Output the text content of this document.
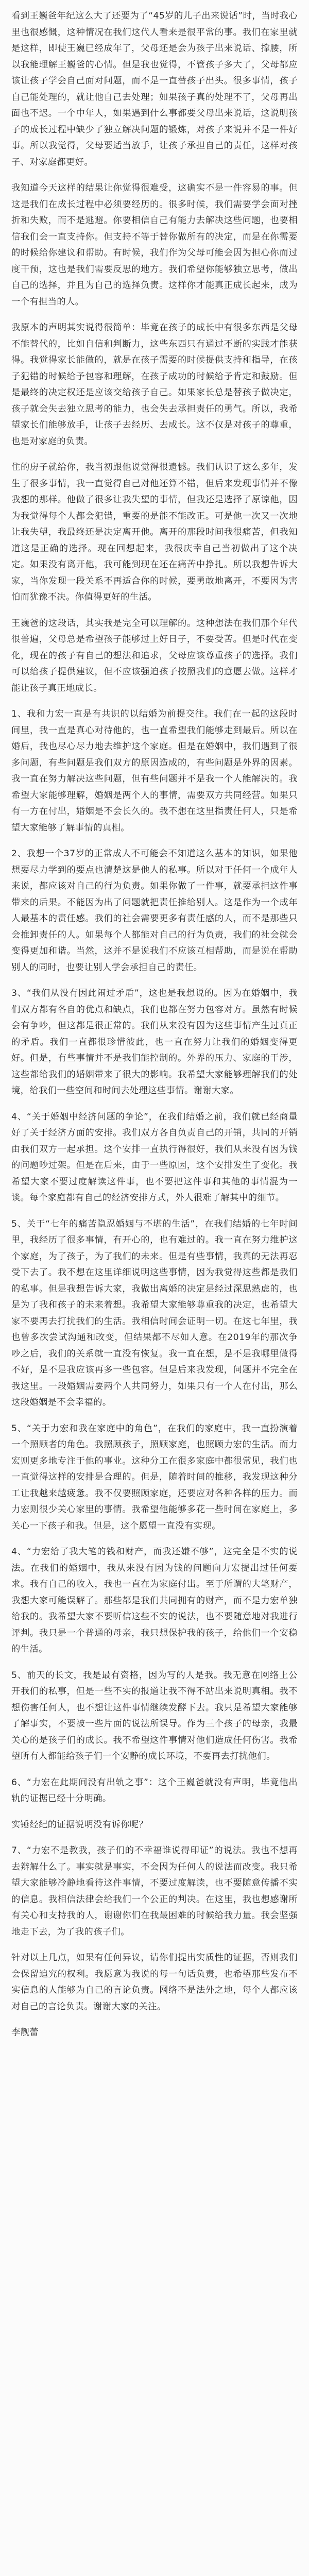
看到王巍爸年纪这么大了还要为了“45岁的儿子出来说话”时，当时我心里也很感慨，这种情况在我们这代人看来是很平常的事。我们在家里就是这样，即使王巍已经成年了，父母还是会为孩子出来说话、撑腰，所以我能理解王巍爸的心情。但是我也觉得，不管孩子多大了，父母都应该让孩子学会自己面对问题，而不是一直替孩子出头。很多事情，孩子自己能处理的，就让他自己去处理；如果孩子真的处理不了，父母再出面也不迟。一个中年人，如果遇到什么事都要父母出来说话，这说明孩子的成长过程中缺少了独立解决问题的锻炼，对孩子来说并不是一件好事。所以我觉得，父母要适当放手，让孩子承担自己的责任，这样对孩子、对家庭都更好。

我知道今天这样的结果让你觉得很难受，这确实不是一件容易的事。但这是我们在成长过程中必须要经历的。很多时候，我们需要学会面对挫折和失败，而不是逃避。你要相信自己有能力去解决这些问题，也要相信我们会一直支持你。但支持不等于替你做所有的决定，而是在你需要的时候给你建议和帮助。有时候，我们作为父母可能会因为担心你而过度干预，这也是我们需要反思的地方。我们希望你能够独立思考，做出自己的选择，并且为自己的选择负责。这样你才能真正成长起来，成为一个有担当的人。

我原本的声明其实说得很简单：毕竟在孩子的成长中有很多东西是父母不能替代的，比如自信和判断力，这些东西只有通过不断的实践才能获得。我觉得家长能做的，就是在孩子需要的时候提供支持和指导，在孩子犯错的时候给予包容和理解，在孩子成功的时候给予肯定和鼓励。但是最终的决定权还是应该交给孩子自己。如果家长总是替孩子做决定，孩子就会失去独立思考的能力，也会失去承担责任的勇气。所以，我希望家长们能够放手，让孩子去经历、去成长。这不仅是对孩子的尊重，也是对家庭的负责。

住的房子就给你，我当初跟他说觉得很遗憾。我们认识了这么多年，发生了很多事情，我一直觉得自己对他还算不错，但后来发现事情并不像我想的那样。他做了很多让我失望的事情，但我还是选择了原谅他，因为我觉得每个人都会犯错，重要的是能不能改正。可是他一次又一次地让我失望，我最终还是决定离开他。离开的那段时间我很痛苦，但我知道这是正确的选择。现在回想起来，我很庆幸自己当初做出了这个决定。如果没有离开他，我可能到现在还在痛苦中挣扎。所以我想告诉大家，当你发现一段关系不再适合你的时候，要勇敢地离开，不要因为害怕而犹豫不决。你值得更好的生活。

王巍爸的这段话，其实我是完全可以理解的。这种想法在我们那个年代很普遍，父母总是希望孩子能够过上好日子，不要受苦。但是时代在变化，现在的孩子有自己的想法和追求，父母应该尊重孩子的选择。我们可以给孩子提供建议，但不应该强迫孩子按照我们的意愿去做。这样才能让孩子真正地成长。

1、我和力宏一直是有共识的以结婚为前提交往。我们在一起的这段时间里，我一直是真心对待他的，也一直希望我们能够走到最后。所以在婚后，我也尽心尽力地去维护这个家庭。但是在婚姻中，我们遇到了很多问题，有些问题是我们双方的原因造成的，有些问题是外界的因素。我一直在努力解决这些问题，但有些问题并不是我一个人能解决的。我希望大家能够理解，婚姻是两个人的事情，需要双方共同经营。如果只有一方在付出，婚姻是不会长久的。我不想在这里指责任何人，只是希望大家能够了解事情的真相。

2、我想一个37岁的正常成人不可能会不知道这么基本的知识，如果他想要尽力学到的要点也清楚这是他人的私事。所以对于任何一个成年人来说，都应该对自己的行为负责。如果你做了一件事，就要承担这件事带来的后果。不能因为出了问题就把责任推给别人。这是作为一个成年人最基本的责任感。我们的社会需要更多有责任感的人，而不是那些只会推卸责任的人。如果每个人都能对自己的行为负责，我们的社会就会变得更加和谐。当然，这并不是说我们不应该互相帮助，而是说在帮助别人的同时，也要让别人学会承担自己的责任。

3、“我们从没有因此闹过矛盾”，这也是我想说的。因为在婚姻中，我们双方都有各自的优点和缺点，我们也都在努力包容对方。虽然有时候会有争吵，但这都是很正常的。我们从来没有因为这些事情产生过真正的矛盾。我们一直都很珍惜彼此，也一直在努力让我们的婚姻变得更好。但是，有些事情并不是我们能控制的。外界的压力、家庭的干涉，这些都给我们的婚姻带来了很大的影响。我希望大家能够理解我们的处境，给我们一些空间和时间去处理这些事情。谢谢大家。

4、“关于婚姻中经济问题的争论”，在我们结婚之前，我们就已经商量好了关于经济方面的安排。我们双方各自负责自己的开销，共同的开销由我们双方一起承担。这个安排一直执行得很好，我们从来没有因为钱的问题吵过架。但是在后来，由于一些原因，这个安排发生了变化。我希望大家不要过度解读这件事，也不要把这件事和其他的事情混为一谈。每个家庭都有自己的经济安排方式，外人很难了解其中的细节。

5、关于“七年的痛苦隐忍婚姻与不堪的生活”，在我们结婚的七年时间里，我经历了很多事情，有开心的，也有难过的。我一直在努力维护这个家庭，为了孩子，为了我们的未来。但是有些事情，我真的无法再忍受下去了。我不想在这里详细说明这些事情，因为我觉得这些都是我们的私事。但是我想告诉大家，我做出离婚的决定是经过深思熟虑的，也是为了我和孩子的未来着想。我希望大家能够尊重我的决定，也希望大家不要再去打扰我们的生活。我相信时间会证明一切。在这七年里，我也曾多次尝试沟通和改变，但结果都不尽如人意。在2019年的那次争吵之后，我们的关系就一直没有恢复。我一直在想，是不是我哪里做得不好，是不是我应该再多一些包容。但是后来我发现，问题并不完全在我这里。一段婚姻需要两个人共同努力，如果只有一个人在付出，那么这段婚姻是不会幸福的。

5、“关于力宏和我在家庭中的角色”，在我们的家庭中，我一直扮演着一个照顾者的角色。我照顾孩子，照顾家庭，也照顾力宏的生活。而力宏则更多地专注于他的事业。这种分工在很多家庭中都很常见，我们也一直觉得这样的安排是合理的。但是，随着时间的推移，我发现这种分工让我越来越疲惫。我不仅要照顾家庭，还要应对各种各样的压力。而力宏则很少关心家里的事情。我希望他能够多花一些时间在家庭上，多关心一下孩子和我。但是，这个愿望一直没有实现。

4、“力宏给了我大笔的钱和财产，而我还嫌不够”，这完全是不实的说法。在我们的婚姻中，我从来没有因为钱的问题向力宏提出过任何要求。我有自己的收入，我也一直在为家庭付出。至于所谓的大笔财产，我想大家可能误解了。那些都是我们共同拥有的财产，而不是力宏单独给我的。我希望大家不要听信这些不实的说法，也不要随意地对我进行评判。我只是一个普通的母亲，我只想保护我的孩子，给他们一个安稳的生活。

5、前天的长文，我是最有资格，因为写的人是我。我无意在网络上公开我们的私事，但是一些不实的报道让我不得不站出来说明真相。我不想伤害任何人，也不想让这件事情继续发酵下去。我只是希望大家能够了解事实，不要被一些片面的说法所误导。作为三个孩子的母亲，我最关心的是孩子们的成长。我不希望这件事情对他们造成任何伤害。我希望所有人都能给孩子们一个安静的成长环境，不要再去打扰他们。

6、“力宏在此期间没有出轨之事”：这个王巍爸就没有声明，毕竟他出轨的证据已经十分明确。

实锤经纪的证据说明没有诉你呢？

7、“力宏不是教我，孩子们的不幸福谁说得印证”的说法。我也不想再去辩解什么了。事实就是事实，不会因为任何人的说法而改变。我只希望大家能够冷静地看待这件事情，不要过度解读，也不要随意传播不实的信息。我相信法律会给我们一个公正的判决。在这里，我也想感谢所有关心和支持我的人，谢谢你们在我最困难的时候给我力量。我会坚强地走下去，为了我的孩子们。

针对以上几点，如果有任何异议，请你们提出实质性的证据，否则我们会保留追究的权利。我愿意为我说的每一句话负责，也希望那些发布不实信息的人能够为自己的言论负责。网络不是法外之地，每个人都应该对自己的言论负责。谢谢大家的关注。

李靓蕾
